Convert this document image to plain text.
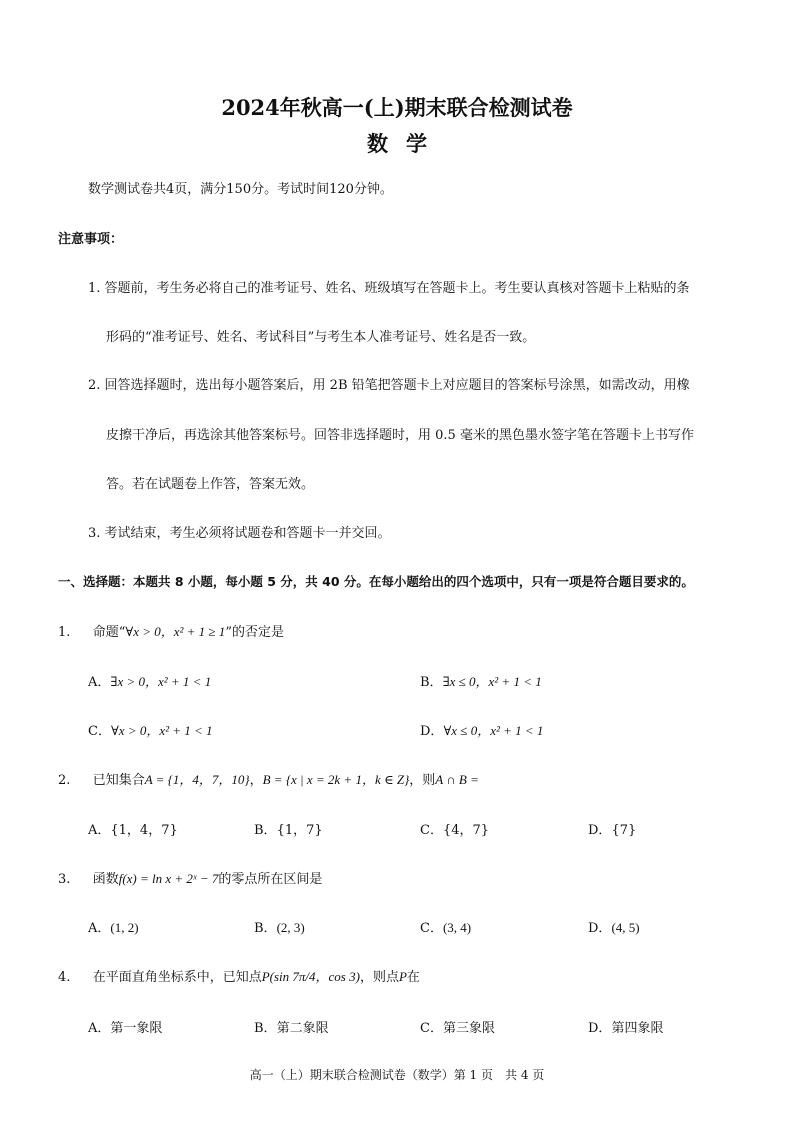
2024年秋高一(上)期末联合检测试卷
数学
数学测试卷共4页，满分150分。考试时间120分钟。
注意事项：
1. 答题前，考生务必将自己的准考证号、姓名、班级填写在答题卡上。考生要认真核对答题卡上粘贴的条
形码的“准考证号、姓名、考试科目”与考生本人准考证号、姓名是否一致。
2. 回答选择题时，选出每小题答案后，用 2B 铅笔把答题卡上对应题目的答案标号涂黑，如需改动，用橡
皮擦干净后，再选涂其他答案标号。回答非选择题时，用 0.5 毫米的黑色墨水签字笔在答题卡上书写作
答。若在试题卷上作答，答案无效。
3. 考试结束，考生必须将试题卷和答题卡一并交回。
一、选择题：本题共 8 小题，每小题 5 分，共 40 分。在每小题给出的四个选项中，只有一项是符合题目要求的。
1. 命题“∀x > 0，x² + 1 ≥ 1”的否定是
A．∃x > 0，x² + 1 < 1	B．∃x ≤ 0，x² + 1 < 1
C．∀x > 0，x² + 1 < 1	D．∀x ≤ 0，x² + 1 < 1
2. 已知集合A = {1，4，7，10}，B = {x | x = 2k + 1，k ∈ Z}，则A ∩ B =
A．{1，4，7}	B．{1，7}	C．{4，7}	D．{7}
3. 函数f(x) = ln x + 2ˣ − 7的零点所在区间是
A．(1, 2)	B．(2, 3)	C．(3, 4)	D．(4, 5)
4. 在平面直角坐标系中，已知点P(sin 7π/4，cos 3)，则点P在
A．第一象限	B．第二象限	C．第三象限	D．第四象限
高一（上）期末联合检测试卷（数学）第 1 页　共 4 页
